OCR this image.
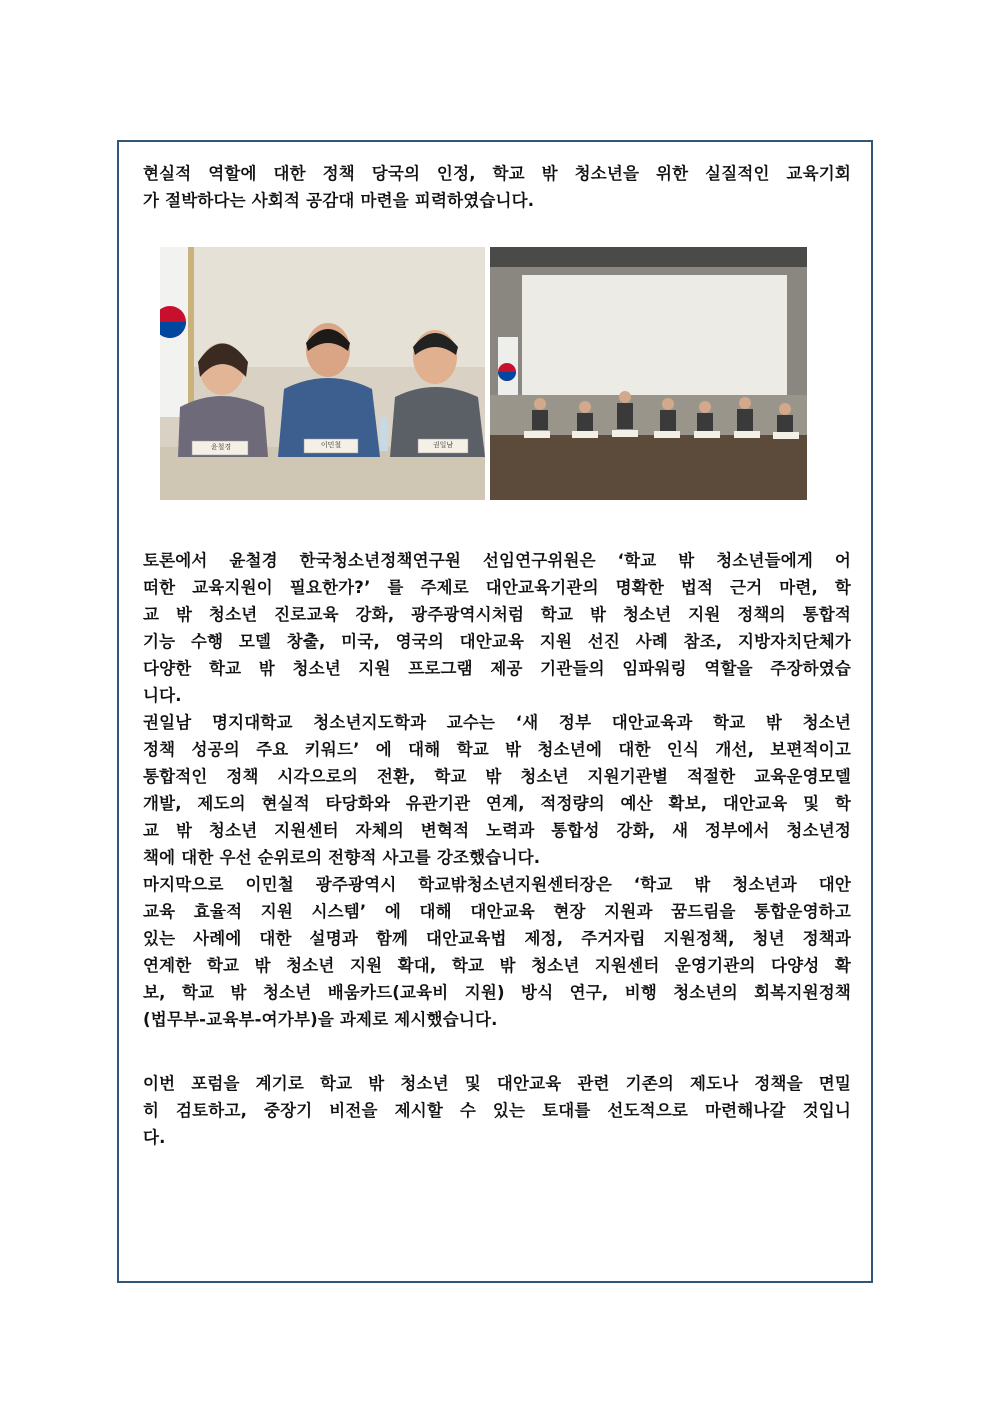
현실적 역할에 대한 정책 당국의 인정, 학교 밖 청소년을 위한 실질적인 교육기회
가 절박하다는 사회적 공감대 마련을 피력하였습니다.
윤철경	이민철	권일남
토론에서 윤철경 한국청소년정책연구원 선임연구위원은 ‘학교 밖 청소년들에게 어
떠한 교육지원이 필요한가?’ 를 주제로 대안교육기관의 명확한 법적 근거 마련, 학
교 밖 청소년 진로교육 강화, 광주광역시처럼 학교 밖 청소년 지원 정책의 통합적
기능 수행 모델 창출, 미국, 영국의 대안교육 지원 선진 사례 참조, 지방자치단체가
다양한 학교 밖 청소년 지원 프로그램 제공 기관들의 임파워링 역할을 주장하였습
니다.
권일남 명지대학교 청소년지도학과 교수는 ‘새 정부 대안교육과 학교 밖 청소년
정책 성공의 주요 키워드’ 에 대해 학교 밖 청소년에 대한 인식 개선, 보편적이고
통합적인 정책 시각으로의 전환, 학교 밖 청소년 지원기관별 적절한 교육운영모델
개발, 제도의 현실적 타당화와 유관기관 연계, 적정량의 예산 확보, 대안교육 및 학
교 밖 청소년 지원센터 자체의 변혁적 노력과 통합성 강화, 새 정부에서 청소년정
책에 대한 우선 순위로의 전향적 사고를 강조했습니다.
마지막으로 이민철 광주광역시 학교밖청소년지원센터장은 ‘학교 밖 청소년과 대안
교육 효율적 지원 시스템’ 에 대해 대안교육 현장 지원과 꿈드림을 통합운영하고
있는 사례에 대한 설명과 함께 대안교육법 제정, 주거자립 지원정책, 청년 정책과
연계한 학교 밖 청소년 지원 확대, 학교 밖 청소년 지원센터 운영기관의 다양성 확
보, 학교 밖 청소년 배움카드(교육비 지원) 방식 연구, 비행 청소년의 회복지원정책
(법무부-교육부-여가부)을 과제로 제시했습니다.
이번 포럼을 계기로 학교 밖 청소년 및 대안교육 관련 기존의 제도나 정책을 면밀
히 검토하고, 중장기 비전을 제시할 수 있는 토대를 선도적으로 마련해나갈 것입니
다.
